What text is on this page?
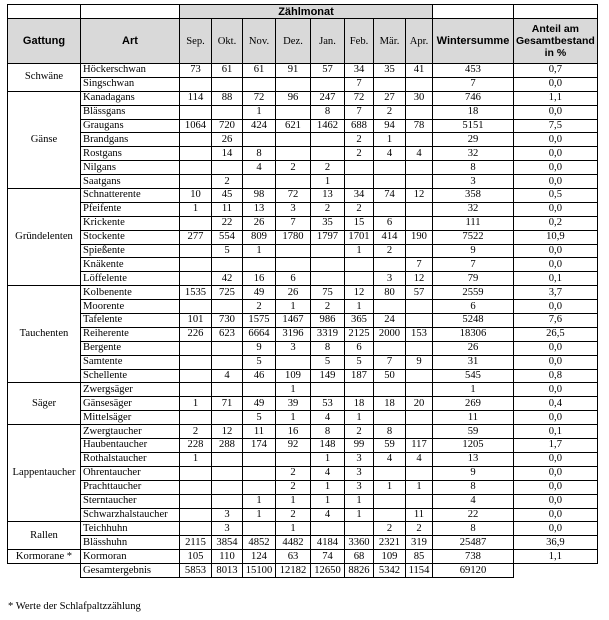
		Zählmonat									
Gattung	Art	Sep.	Okt.	Nov.	Dez.	Jan.	Feb.	Mär.	Apr.	Wintersumme	Anteil am Gesamtbestand in %
Schwäne	Höckerschwan	73	61	61	91	57	34	35	41	453	0,7
	Singschwan						7			7	0,0
Gänse	Kanadagans	114	88	72	96	247	72	27	30	746	1,1
	Blässgans			1		8	7	2		18	0,0
	Graugans	1064	720	424	621	1462	688	94	78	5151	7,5
	Brandgans		26				2	1		29	0,0
	Rostgans		14	8			2	4	4	32	0,0
	Nilgans			4	2	2				8	0,0
	Saatgans		2			1				3	0,0
Gründelenten	Schnatterente	10	45	98	72	13	34	74	12	358	0,5
	Pfeifente	1	11	13	3	2	2			32	0,0
	Krickente		22	26	7	35	15	6		111	0,2
	Stockente	277	554	809	1780	1797	1701	414	190	7522	10,9
	Spießente		5	1			1	2		9	0,0
	Knäkente								7	7	0,0
	Löffelente		42	16	6			3	12	79	0,1
Tauchenten	Kolbenente	1535	725	49	26	75	12	80	57	2559	3,7
	Moorente			2	1	2	1			6	0,0
	Tafelente	101	730	1575	1467	986	365	24		5248	7,6
	Reiherente	226	623	6664	3196	3319	2125	2000	153	18306	26,5
	Bergente			9	3	8	6			26	0,0
	Samtente			5		5	5	7	9	31	0,0
	Schellente		4	46	109	149	187	50		545	0,8
Säger	Zwergsäger				1					1	0,0
	Gänsesäger	1	71	49	39	53	18	18	20	269	0,4
	Mittelsäger			5	1	4	1			11	0,0
Lappentaucher	Zwergtaucher	2	12	11	16	8	2	8		59	0,1
	Haubentaucher	228	288	174	92	148	99	59	117	1205	1,7
	Rothalstaucher	1				1	3	4	4	13	0,0
	Ohrentaucher				2	4	3			9	0,0
	Prachttaucher				2	1	3	1	1	8	0,0
	Sterntaucher			1	1	1	1			4	0,0
	Schwarzhalstaucher		3	1	2	4	1		11	22	0,0
Rallen	Teichhuhn		3		1			2	2	8	0,0
	Blässhuhn	2115	3854	4852	4482	4184	3360	2321	319	25487	36,9
Kormorane *	Kormoran	105	110	124	63	74	68	109	85	738	1,1
	Gesamtergebnis	5853	8013	15100	12182	12650	8826	5342	1154	69120	
* Werte der Schlafpaltzzählung
